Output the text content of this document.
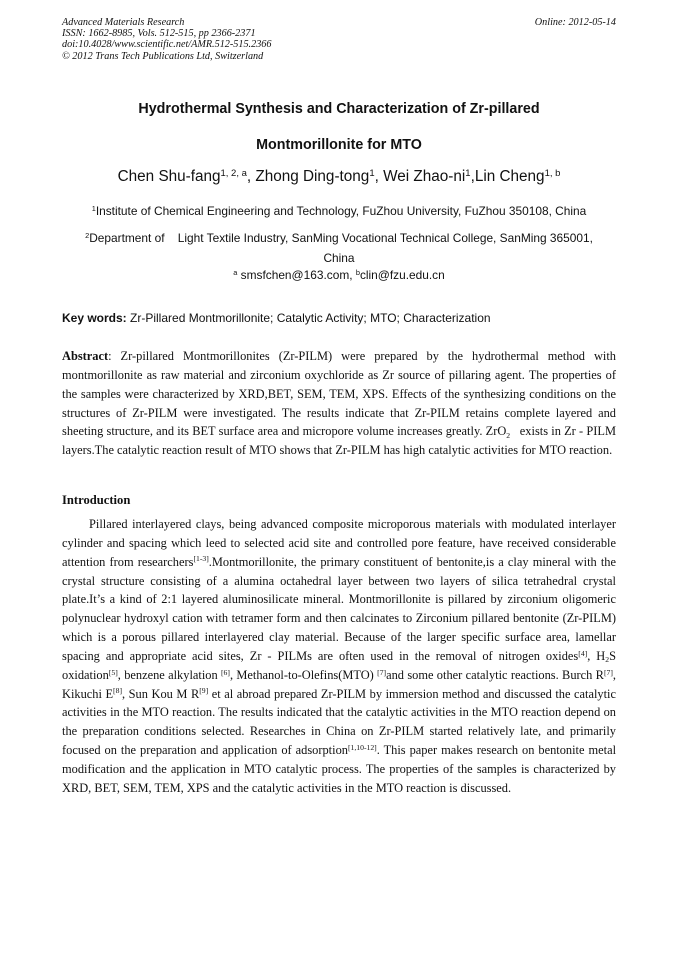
Advanced Materials Research
ISSN: 1662-8985, Vols. 512-515, pp 2366-2371
doi:10.4028/www.scientific.net/AMR.512-515.2366
© 2012 Trans Tech Publications Ltd, Switzerland
Online: 2012-05-14
Hydrothermal Synthesis and Characterization of Zr-pillared
Montmorillonite for MTO
Chen Shu-fang$^{1, 2, a}$, Zhong Ding-tong$^1$, Wei Zhao-$ni^1,Lin$ Cheng$^{1, b}$
$^1$Institute of Chemical Engineering and Technology, FuZhou University, FuZhou 350108, China
$^2$Department of    Light Textile Industry, SanMing Vocational Technical College, SanMing 365001,
China
$^a$ smsfchen@163.com, $^b$clin@fzu.edu.cn
Key words: Zr-Pillared Montmorillonite; Catalytic Activity; MTO; Characterization
Abstract: Zr-pillared Montmorillonites (Zr-PILM) were prepared by the hydrothermal method with montmorillonite as raw material and zirconium oxychloride as Zr source of pillaring agent. The properties of the samples were characterized by XRD,BET, SEM, TEM, XPS. Effects of the synthesizing conditions on the structures of Zr-PILM were investigated. The results indicate that Zr-PILM retains complete layered and sheeting structure, and its BET surface area and micropore volume increases greatly. ZrO$_2$   exists in Zr - PILM layers.The catalytic reaction result of MTO shows that Zr-PILM has high catalytic activities for MTO reaction.
Introduction
Pillared interlayered clays, being advanced composite microporous materials with modulated interlayer cylinder and spacing which leed to selected acid site and controlled pore feature, have received considerable attention from researchers[1-3].Montmorillonite, the primary constituent of bentonite,is a clay mineral with the crystal structure consisting of a alumina octahedral layer between two layers of silica tetrahedral crystal plate.It’s a kind of 2:1 layered aluminosilicate mineral. Montmorillonite is pillared by zirconium oligomeric polynuclear hydroxyl cation with tetramer form and then calcinates to Zirconium pillared bentonite (Zr-PILM) which is a porous pillared interlayered clay material. Because of the larger specific surface area, lamellar spacing and appropriate acid sites, Zr - PILMs are often used in the removal of nitrogen oxides[4], $H_2S$ oxidation[5], benzene alkylation [6], Methanol-to-Olefins(MTO) [7]and some other catalytic reactions. Burch R[7], Kikuchi E[8], Sun Kou M R[9] et al abroad prepared Zr-PILM by immersion method and discussed the catalytic activities in the MTO reaction. The results indicated that the catalytic activities in the MTO reaction depend on the preparation conditions selected. Researches in China on Zr-PILM started relatively late, and primarily focused on the preparation and application of adsorption[1,10-12]. This paper makes research on bentonite metal modification and the application in MTO catalytic process. The properties of the samples is characterized by XRD, BET, SEM, TEM, XPS and the catalytic activities in the MTO reaction is discussed.
